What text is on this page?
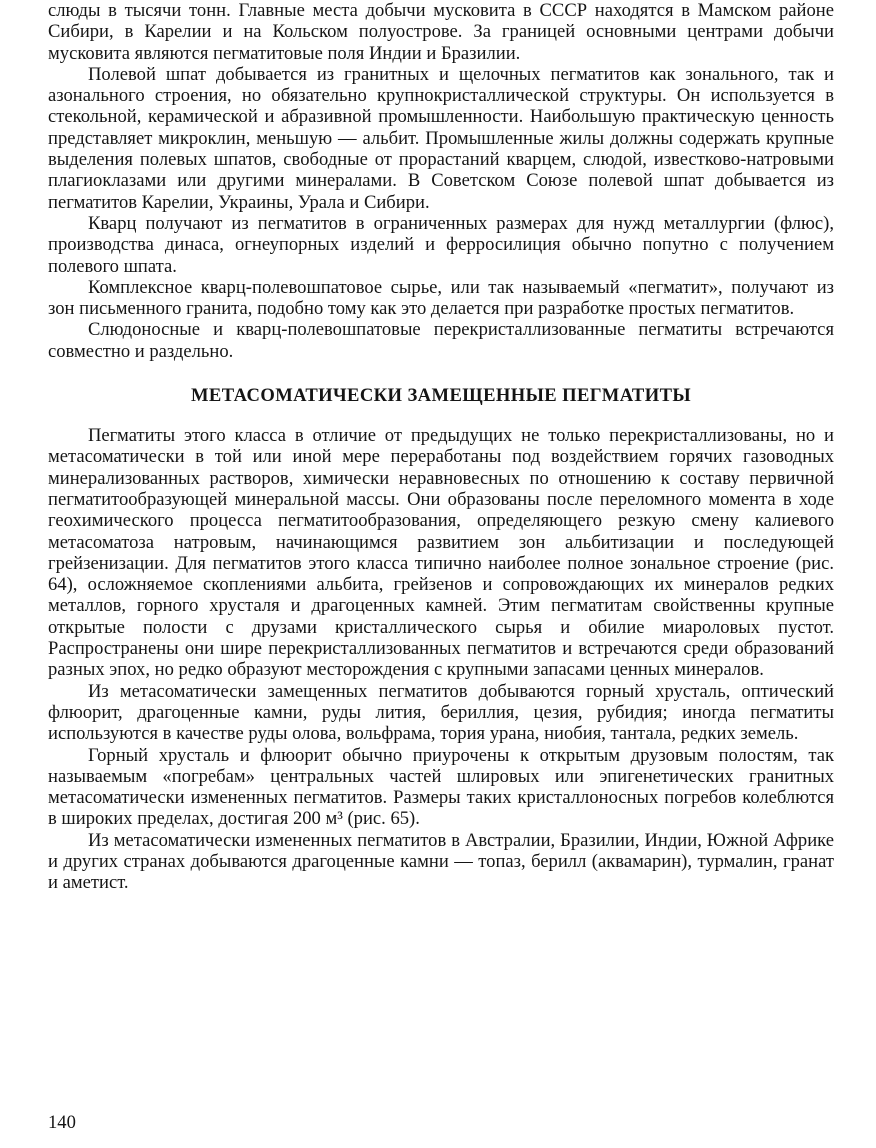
слюды в тысячи тонн. Главные места добычи мусковита в СССР находятся в Мамском районе Сибири, в Карелии и на Кольском полуострове. За границей основными центрами добычи мусковита являются пегматитовые поля Индии и Бразилии.

Полевой шпат добывается из гранитных и щелочных пегматитов как зонального, так и азонального строения, но обязательно крупнокристаллической структуры. Он используется в стекольной, керамической и абразивной промышленности. Наибольшую практическую ценность представляет микроклин, меньшую — альбит. Промышленные жилы должны содержать крупные выделения полевых шпатов, свободные от прорастаний кварцем, слюдой, известково-натровыми плагиоклазами или другими минералами. В Советском Союзе полевой шпат добывается из пегматитов Карелии, Украины, Урала и Сибири.

Кварц получают из пегматитов в ограниченных размерах для нужд металлургии (флюс), производства динаса, огнеупорных изделий и ферросилиция обычно попутно с получением полевого шпата.

Комплексное кварц-полевошпатовое сырье, или так называемый «пегматит», получают из зон письменного гранита, подобно тому как это делается при разработке простых пегматитов.

Слюдоносные и кварц-полевошпатовые перекристаллизованные пегматиты встречаются совместно и раздельно.

МЕТАСОМАТИЧЕСКИ ЗАМЕЩЕННЫЕ ПЕГМАТИТЫ

Пегматиты этого класса в отличие от предыдущих не только перекристаллизованы, но и метасоматически в той или иной мере переработаны под воздействием горячих газоводных минерализованных растворов, химически неравновесных по отношению к составу первичной пегматитообразующей минеральной массы. Они образованы после переломного момента в ходе геохимического процесса пегматитообразования, определяющего резкую смену калиевого метасоматоза натровым, начинающимся развитием зон альбитизации и последующей грейзенизации. Для пегматитов этого класса типично наиболее полное зональное строение (рис. 64), осложняемое скоплениями альбита, грейзенов и сопровождающих их минералов редких металлов, горного хрусталя и драгоценных камней. Этим пегматитам свойственны крупные открытые полости с друзами кристаллического сырья и обилие миароловых пустот. Распространены они шире перекристаллизованных пегматитов и встречаются среди образований разных эпох, но редко образуют месторождения с крупными запасами ценных минералов.

Из метасоматически замещенных пегматитов добываются горный хрусталь, оптический флюорит, драгоценные камни, руды лития, бериллия, цезия, рубидия; иногда пегматиты используются в качестве руды олова, вольфрама, тория урана, ниобия, тантала, редких земель.

Горный хрусталь и флюорит обычно приурочены к открытым друзовым полостям, так называемым «погребам» центральных частей шлировых или эпигенетических гранитных метасоматически измененных пегматитов. Размеры таких кристаллоносных погребов колеблются в широких пределах, достигая 200 м³ (рис. 65).

Из метасоматически измененных пегматитов в Австралии, Бразилии, Индии, Южной Африке и других странах добываются драгоценные камни — топаз, берилл (аквамарин), турмалин, гранат и аметист.

140
